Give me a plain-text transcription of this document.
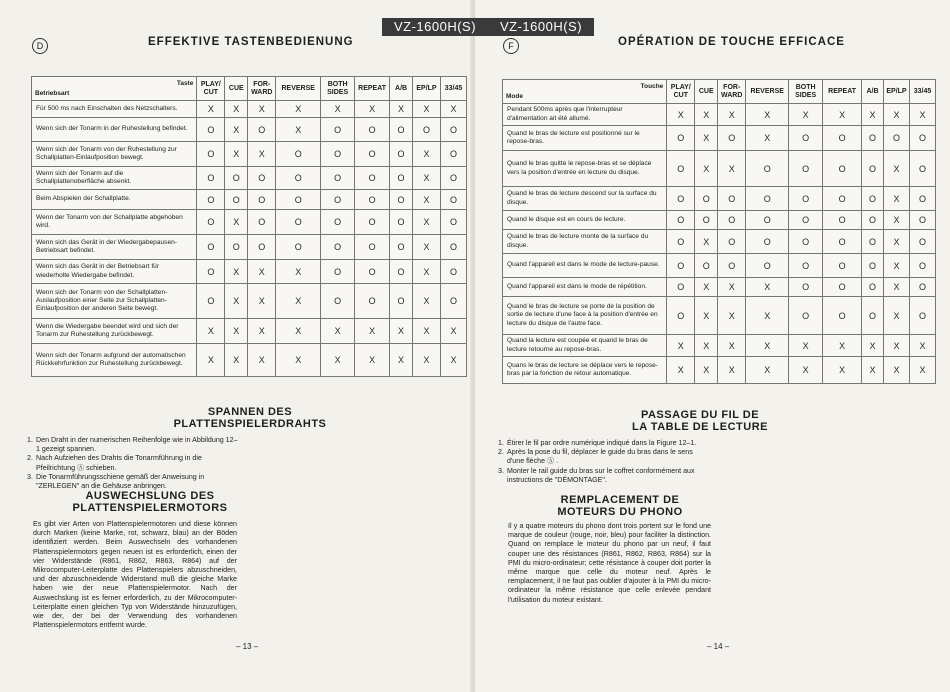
D	EFFEKTIVE TASTENBEDIENUNG
Taste
Betriebsart	PLAY/ CUT	CUE	FOR- WARD	REVERSE	BOTH SIDES	REPEAT	A/B	EP/LP	33/45
Für 500 ms nach Einschalten des Netzschalters.	X	X	X	X	X	X	X	X	X
Wenn sich der Tonarm in der Ruhestellung befindet.	O	X	O	X	O	O	O	O	O
Wenn sich der Tonarm von der Ruhestellung zur Schallplatten-Einlaufposition bewegt.	O	X	X	O	O	O	O	X	O
Wenn sich der Tonarm auf die Schallplattenoberfläche absenkt.	O	O	O	O	O	O	O	X	O
Beim Abspielen der Schallplatte.	O	O	O	O	O	O	O	X	O
Wenn der Tonarm von der Schallplatte abgehoben wird.	O	X	O	O	O	O	O	X	O
Wenn sich das Gerät in der Wiedergabepausen-Betriebsart befindet.	O	O	O	O	O	O	O	X	O
Wenn sich das Gerät in der Betriebsart für wiederholte Wiedergabe befindet.	O	X	X	X	O	O	O	X	O
Wenn sich der Tonarm von der Schallplatten-Auslaufposition einer Seite zur Schallplatten-Einlaufposition der anderen Seite bewegt.	O	X	X	X	O	O	O	X	O
Wenn die Wiedergabe beendet wird und sich der Tonarm zur Ruhestellung zurückbewegt.	X	X	X	X	X	X	X	X	X
Wenn sich der Tonarm aufgrund der automatischen Rückkehrfunktion zur Ruhestellung zurückbewegt.	X	X	X	X	X	X	X	X	X
SPANNEN DES
PLATTENSPIELERDRAHTS
1. Den Draht in der numerischen Reihenfolge wie in Abbildung 12–1 gezeigt spannen.
2. Nach Aufziehen des Drahts die Tonarmführung in die Pfeilrichtung Ⓐ schieben.
3. Die Tonarmführungsschiene gemäß der Anweisung in "ZERLEGEN" an die Gehäuse anbringen.
AUSWECHSLUNG DES
PLATTENSPIELERMOTORS
Es gibt vier Arten von Plattenspielermotoren und diese können durch Marken (keine Marke, rot, schwarz, blau) an der Böden identifiziert werden. Beim Auswechseln des vorhandenen Plattenspielermotors gegen neuen ist es erforderlich, einen der vier Widerstände (R861, R862, R863, R864) auf der Mikrocomputer-Leiterplatte des Plattenspielers abzuschneiden, und der abzuschneidende Widerstand muß die gleiche Marke haben wie der neue Plattenspielermotor. Nach der Auswechslung ist es ferner erforderlich, zu der Mikrocomputer-Leiterplatte einen gleichen Typ von Widerstände hinzuzufügen, wie der, der bei der Verwendung des vorhandenen Plattenspielermotors entfernt wurde.
– 13 –
F	OPÉRATION DE TOUCHE EFFICACE
Touche
Mode	PLAY/ CUT	CUE	FOR- WARD	REVERSE	BOTH SIDES	REPEAT	A/B	EP/LP	33/45
Pendant 500ms après que l'interrupteur d'alimentation ait été allumé.	X	X	X	X	X	X	X	X	X
Quand le bras de lecture est positionné sur le repose-bras.	O	X	O	X	O	O	O	O	O
Quand le bras quitte le repose-bras et se déplace vers la position d'entrée en lecture du disque.	O	X	X	O	O	O	O	X	O
Quand le bras de lecture descend sur la surface du disque.	O	O	O	O	O	O	O	X	O
Quand le disque est en cours de lecture.	O	O	O	O	O	O	O	X	O
Quand le bras de lecture monte de la surface du disque.	O	X	O	O	O	O	O	X	O
Quand l'appareil est dans le mode de lecture-pause.	O	O	O	O	O	O	O	X	O
Quand l'appareil est dans le mode de répétition.	O	X	X	X	O	O	O	X	O
Quand le bras de lecture se porte de la position de sortie de lecture d'une face à la position d'entrée en lecture du disque de l'autre face.	O	X	X	X	O	O	O	X	O
Quand la lecture est coupée et quand le bras de lecture retourne au repose-bras.	X	X	X	X	X	X	X	X	X
Quans le bras de lecture se déplace vers le repose-bras par la fonction de retour automatique.	X	X	X	X	X	X	X	X	X
PASSAGE DU FIL DE
LA TABLE DE LECTURE
1. Étirer le fil par ordre numérique indiqué dans la Figure 12–1.
2. Après la pose du fil, déplacer le guide du bras dans le sens d'une flèche Ⓐ .
3. Monter le rail guide du bras sur le coffret conformément aux instructions de "DÉMONTAGE".
REMPLACEMENT DE
MOTEURS DU PHONO
Il y a quatre moteurs du phono dont trois portent sur le fond une marque de couleur (rouge, noir, bleu) pour faciliter la distinction. Quand on remplace le moteur du phono par un neuf, il faut couper une des résistances (R861, R862, R863, R864) sur la PMI du micro-ordinateur; cette résistance à couper doit porter la même marque que celle du moteur neuf. Après le remplacement, il ne faut pas oublier d'ajouter à la PMI du micro-ordinateur la même résistance que celle enlevée pendant l'utilisation du moteur existant.
– 14 –
VZ-1600H(S) VZ-1600H(S)
